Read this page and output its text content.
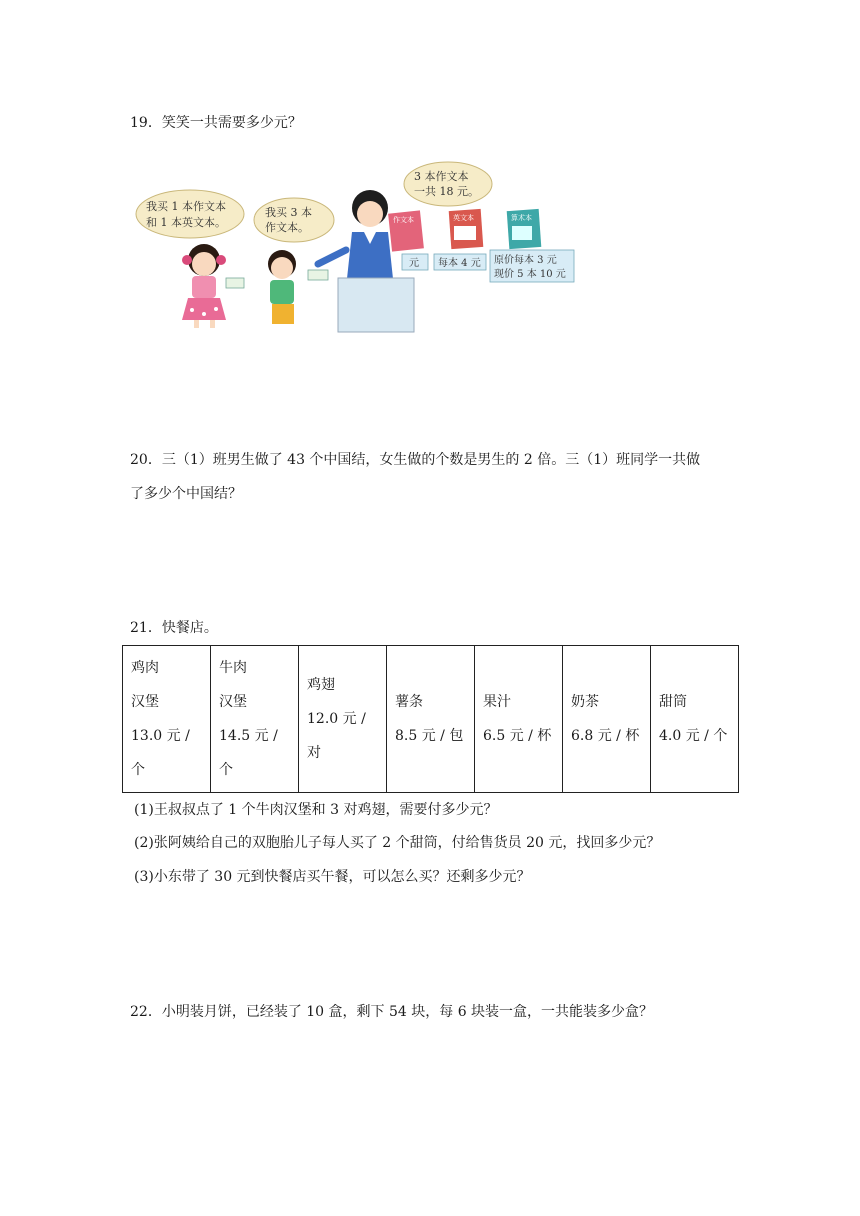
19．笑笑一共需要多少元？

我买 1 本作文本
和 1 本英文本。
我买 3 本
作文本。
3 本作文本
一共 18 元。
作文本	英文本	算术本
元 每本 4 元 原价每本 3 元
现价 5 本 10 元

20．三（1）班男生做了 43 个中国结，女生做的个数是男生的 2 倍。三（1）班同学一共做

了多少个中国结？

21．快餐店。

鸡肉
汉堡
13.0 元 /
个

牛肉
汉堡
14.5 元 /
个

鸡翅
12.0 元 /
对

薯条
8.5 元 / 包

果汁
6.5 元 / 杯

奶茶
6.8 元 / 杯

甜筒
4.0 元 / 个

(1)王叔叔点了 1 个牛肉汉堡和 3 对鸡翅，需要付多少元？

(2)张阿姨给自己的双胞胎儿子每人买了 2 个甜筒，付给售货员 20 元，找回多少元？

(3)小东带了 30 元到快餐店买午餐，可以怎么买？还剩多少元？

22．小明装月饼，已经装了 10 盒，剩下 54 块，每 6 块装一盒，一共能装多少盒？
